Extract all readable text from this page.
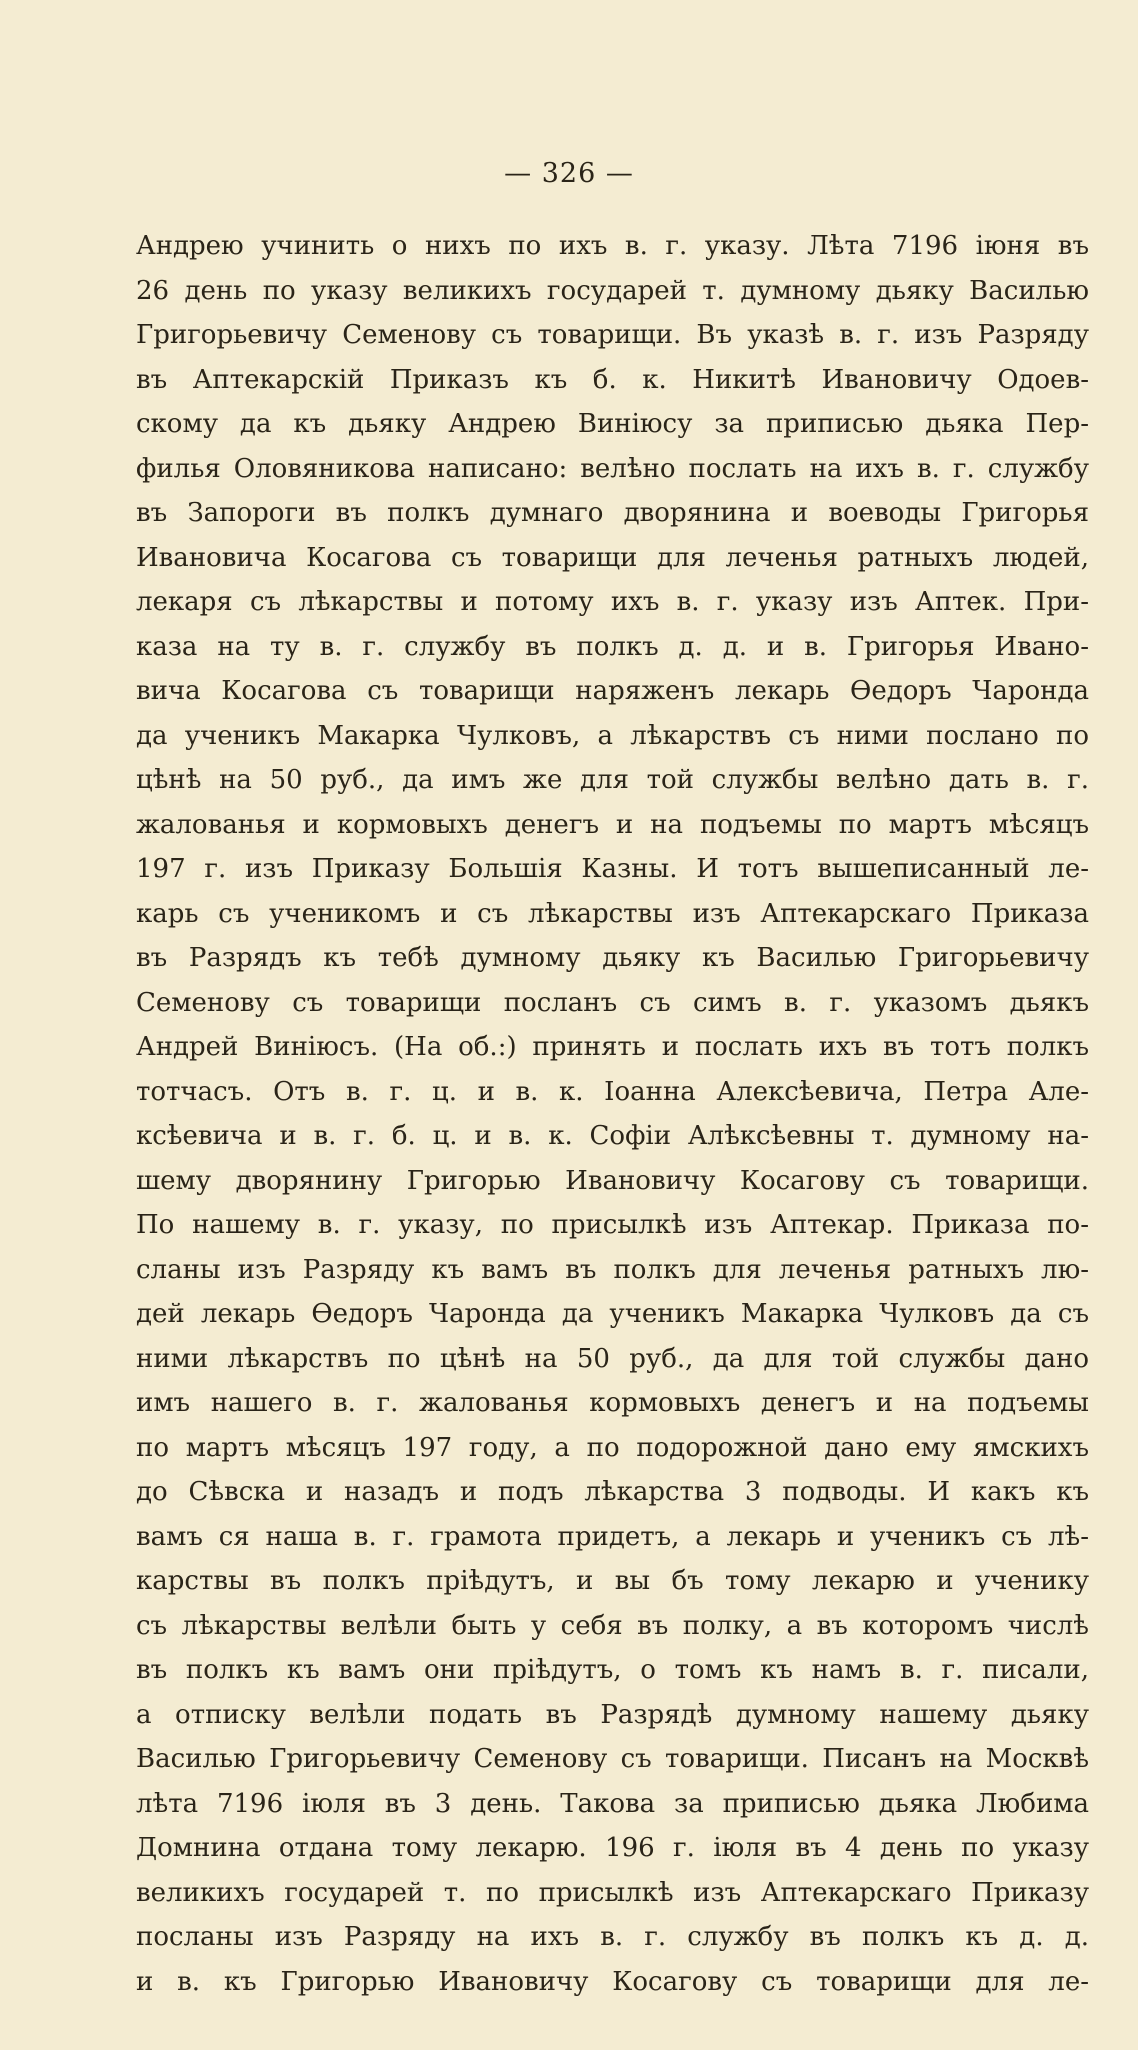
— 326 —
Андрею учинить о нихъ по ихъ в. г. указу. Лѣта 7196 iюня въ
26 день по указу великихъ государей т. думному дьяку Василью
Григорьевичу Семенову съ товарищи. Въ указѣ в. г. изъ Разряду
въ Аптекарскiй Приказъ къ б. к. Никитѣ Ивановичу Одоев-
скому да къ дьяку Андрею Виніюсу за приписью дьяка Пер-
филья Оловяникова написано: велѣно послать на ихъ в. г. службу
въ Запороги въ полкъ думнаго дворянина и воеводы Григорья
Ивановича Косагова съ товарищи для леченья ратныхъ людей,
лекаря съ лѣкарствы и потому ихъ в. г. указу изъ Аптек. При-
каза на ту в. г. службу въ полкъ д. д. и в. Григорья Ивано-
вича Косагова съ товарищи наряженъ лекарь Өедоръ Чаронда
да ученикъ Макарка Чулковъ, а лѣкарствъ съ ними послано по
цѣнѣ на 50 руб., да имъ же для той службы велѣно дать в. г.
жалованья и кормовыхъ денегъ и на подъемы по мартъ мѣсяцъ
197 г. изъ Приказу Большія Казны. И тотъ вышеписанный ле-
карь съ ученикомъ и съ лѣкарствы изъ Аптекарскаго Приказа
въ Разрядъ къ тебѣ думному дьяку къ Василью Григорьевичу
Семенову съ товарищи посланъ съ симъ в. г. указомъ дьякъ
Андрей Виніюсъ. (На об.:) принять и послать ихъ въ тотъ полкъ
тотчасъ. Отъ в. г. ц. и в. к. Іоанна Алексѣевича, Петра Але-
ксѣевича и в. г. б. ц. и в. к. Софіи Алѣксѣевны т. думному на-
шему дворянину Григорью Ивановичу Косагову съ товарищи.
По нашему в. г. указу, по присылкѣ изъ Аптекар. Приказа по-
сланы изъ Разряду къ вамъ въ полкъ для леченья ратныхъ лю-
дей лекарь Өедоръ Чаронда да ученикъ Макарка Чулковъ да съ
ними лѣкарствъ по цѣнѣ на 50 руб., да для той службы дано
имъ нашего в. г. жалованья кормовыхъ денегъ и на подъемы
по мартъ мѣсяцъ 197 году, а по подорожной дано ему ямскихъ
до Сѣвска и назадъ и подъ лѣкарства 3 подводы. И какъ къ
вамъ ся наша в. г. грамота придетъ, а лекарь и ученикъ съ лѣ-
карствы въ полкъ пріѣдутъ, и вы бъ тому лекарю и ученику
съ лѣкарствы велѣли быть у себя въ полку, а въ которомъ числѣ
въ полкъ къ вамъ они пріѣдутъ, о томъ къ намъ в. г. писали,
а отписку велѣли подать въ Разрядѣ думному нашему дьяку
Василью Григорьевичу Семенову съ товарищи. Писанъ на Москвѣ
лѣта 7196 iюля въ 3 день. Такова за приписью дьяка Любима
Домнина отдана тому лекарю. 196 г. iюля въ 4 день по указу
великихъ государей т. по присылкѣ изъ Аптекарскаго Приказу
посланы изъ Разряду на ихъ в. г. службу въ полкъ къ д. д.
и в. къ Григорью Ивановичу Косагову съ товарищи для ле-
